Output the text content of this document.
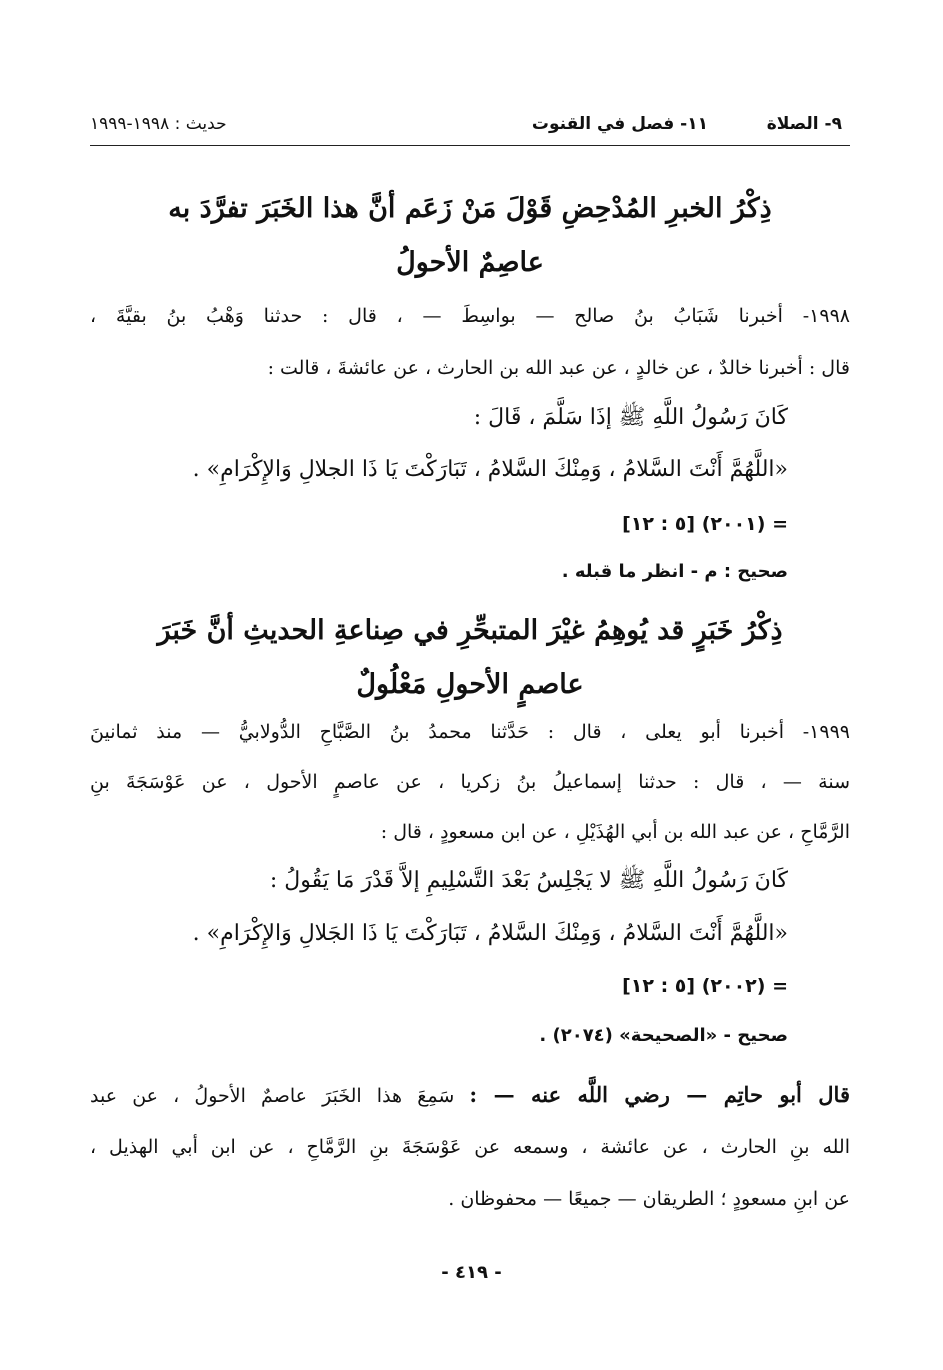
٩- الصلاة
١١- فصل في القنوت
حديث : ١٩٩٨-١٩٩٩
ذِكْرُ الخبرِ المُدْحِضِ قَوْلَ مَنْ زَعَم أنَّ هذا الخَبَرَ تفرَّدَ به
عاصِمٌ الأحولُ
١٩٩٨- أخبرنا شَبَابُ بنُ صالح — بواسِطَ — ، قال : حدثنا وَهْبُ بنُ بقيَّةَ ،
قال : أخبرنا خالدٌ ، عن خالدٍ ، عن عبد الله بن الحارث ، عن عائشةَ ، قالت :
كَانَ رَسُولُ اللَّهِ ﷺ إذَا سَلَّمَ ، قَالَ :
«اللَّهُمَّ أَنْتَ السَّلامُ ، وَمِنْكَ السَّلامُ ، تَبَارَكْتَ يَا ذَا الجلالِ وَالإِكْرَامِ» .
= (٢٠٠١) [٥ : ١٢]
صحيح : م - انظر ما قبله .
ذِكْرُ خَبَرٍ قد يُوهِمُ غيْرَ المتبحِّرِ في صِناعةِ الحديثِ أنَّ خَبَرَ
عاصمٍ الأحولِ مَعْلُولٌ
١٩٩٩- أخبرنا أبو يعلى ، قال : حَدَّثنا محمدُ بنُ الصَّبَّاحِ الدُّولابيُّ — منذ ثمانينَ
سنة — ، قال : حدثنا إسماعيلُ بنُ زكريا ، عن عاصمٍ الأحول ، عن عَوْسَجَةَ بنِ
الرَّمَّاحِ ، عن عبد الله بن أبي الهُذَيْلِ ، عن ابن مسعودٍ ، قال :
كَانَ رَسُولُ اللَّهِ ﷺ لا يَجْلِسُ بَعْدَ التَّسْلِيمِ إلاَّ قَدْرَ مَا يَقُولُ :
«اللَّهُمَّ أَنْتَ السَّلامُ ، وَمِنْكَ السَّلامُ ، تَبَارَكْتَ يَا ذَا الجَلالِ وَالإِكْرَامِ» .
= (٢٠٠٢) [٥ : ١٢]
صحيح - «الصحيحة» (٢٠٧٤) .
قال أبو حاتِم — رضي اللَّه عنه — : سَمِعَ هذا الخَبَرَ عاصمٌ الأحولُ ، عن عبد
الله بنِ الحارث ، عن عائشة ، وسمعه عن عَوْسَجَةَ بنِ الرَّمَّاحِ ، عن ابن أبي الهذيل ،
عن ابنِ مسعودٍ ؛ الطريقان — جميعًا — محفوظان .
- ٤١٩ -
